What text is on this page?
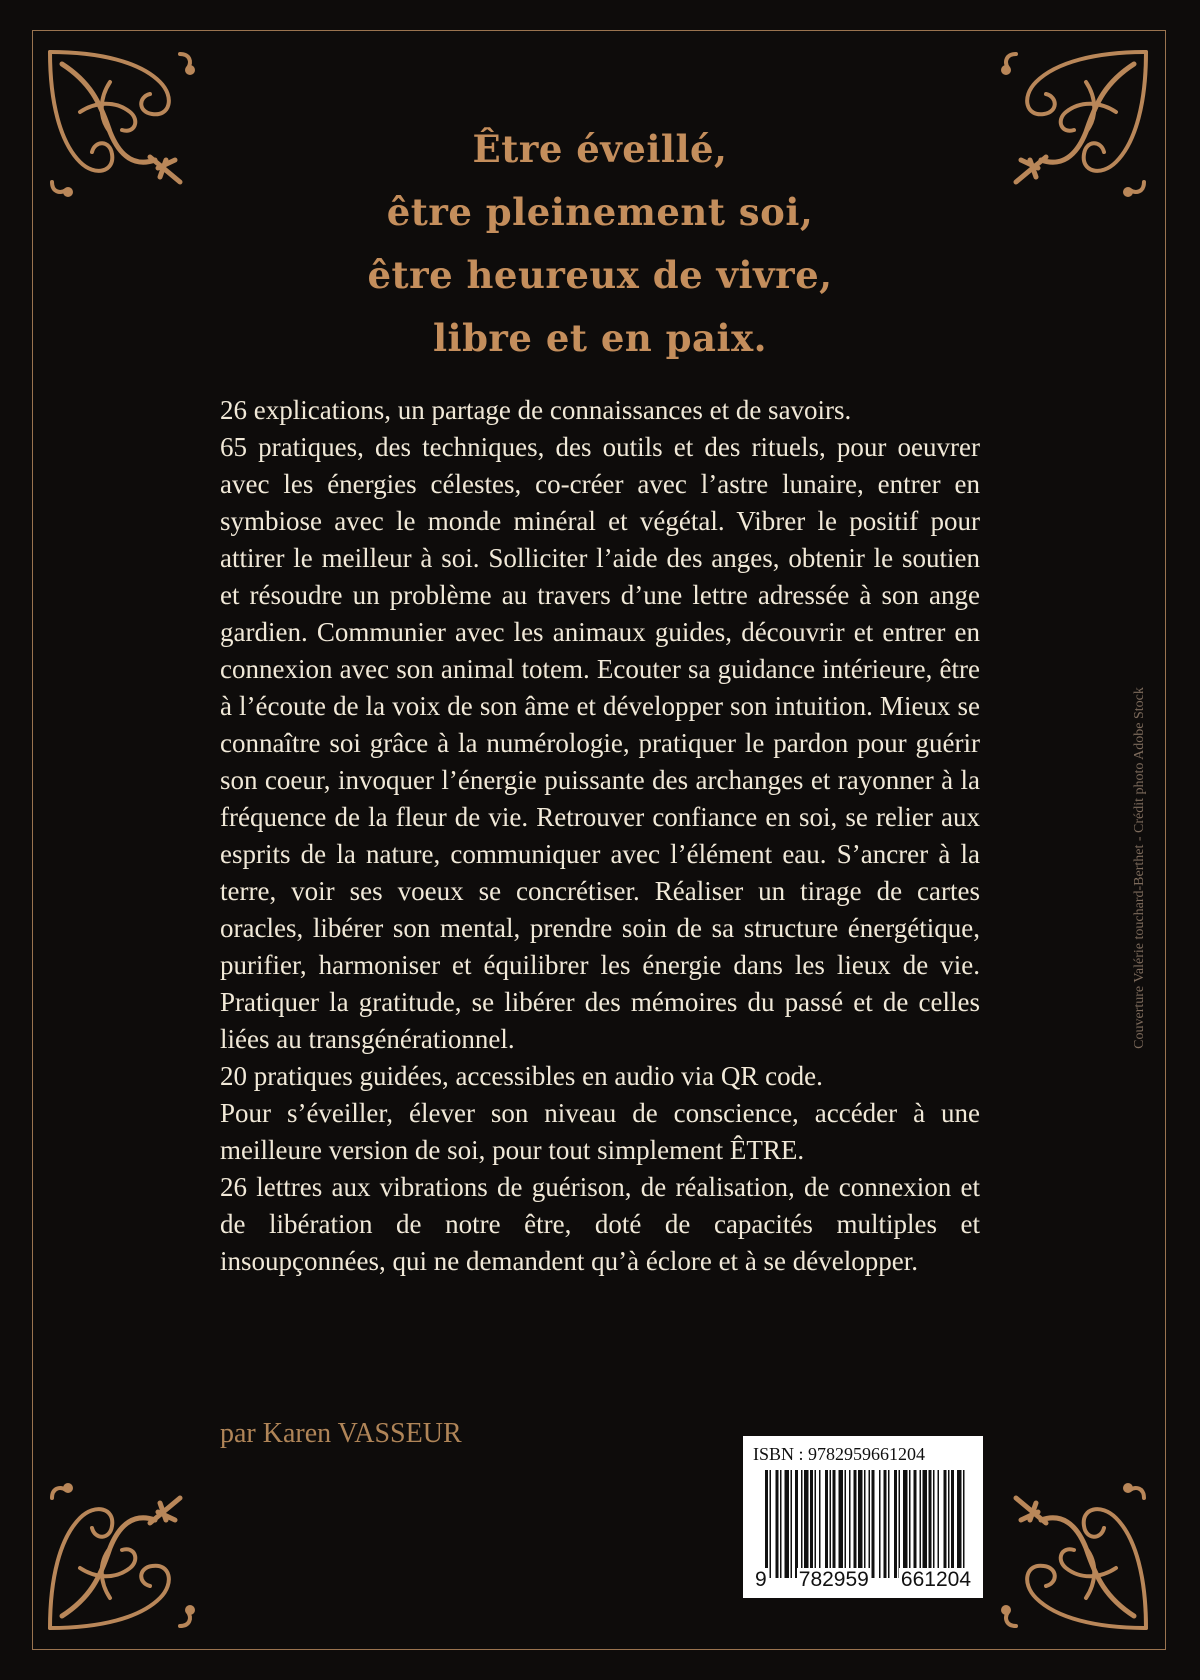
Être éveillé,
être pleinement soi,
être heureux de vivre,
libre et en paix.

26 explications, un partage de connaissances et de savoirs.

65 pratiques, des techniques, des outils et des rituels, pour oeuvrer avec les énergies célestes, co-créer avec l’astre lunaire, entrer en symbiose avec le monde minéral et végétal. Vibrer le positif pour attirer le meilleur à soi. Solliciter l’aide des anges, obtenir le soutien et résoudre un problème au travers d’une lettre adressée à son ange gardien. Communier avec les animaux guides, découvrir et entrer en connexion avec son animal totem. Ecouter sa guidance intérieure, être à l’écoute de la voix de son âme et développer son intuition. Mieux se connaître soi grâce à la numérologie, pratiquer le pardon pour guérir son coeur, invoquer l’énergie puissante des archanges et rayonner à la fréquence de la fleur de vie. Retrouver confiance en soi, se relier aux esprits de la nature, communiquer avec l’élément eau. S’ancrer à la terre, voir ses voeux se concrétiser. Réaliser un tirage de cartes oracles, libérer son mental, prendre soin de sa structure énergétique, purifier, harmoniser et équilibrer les énergie dans les lieux de vie. Pratiquer la gratitude, se libérer des mémoires du passé et de celles liées au transgénérationnel.

20 pratiques guidées, accessibles en audio via QR code.

Pour s’éveiller, élever son niveau de conscience, accéder à une meilleure version de soi, pour tout simplement ÊTRE.

26 lettres aux vibrations de guérison, de réalisation, de connexion et de libération de notre être, doté de capacités multiples et insoupçonnées, qui ne demandent qu’à éclore et à se développer.

par Karen VASSEUR
Couverture Valérie touchard-Berthet - Crédit photo Adobe Stock
ISBN : 9782959661204
9 782959 661204
